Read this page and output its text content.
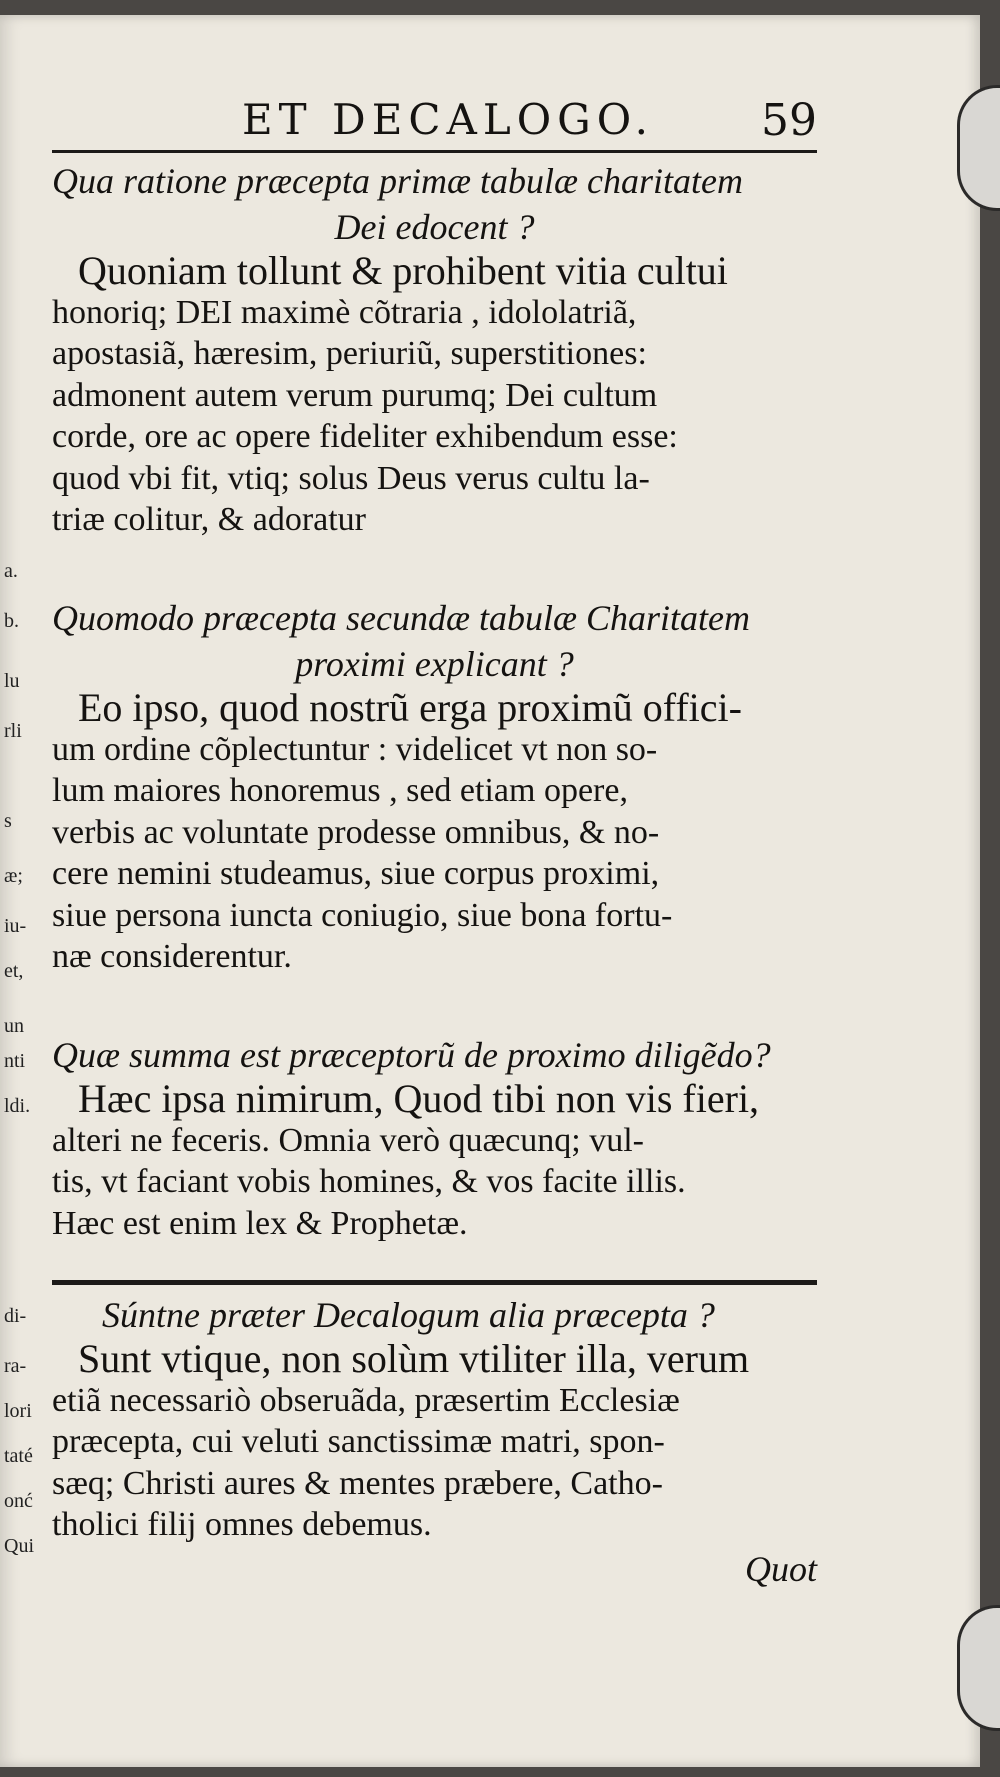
a.
b.
lu
rli
s
æ;
iu-
et,
un
nti
ldi.
di-
ra-
lori
taté
onć
Qui
ET DECALOGO. 59

Qua ratione præcepta primæ tabulæ charitatem
Dei edocent ?

Quoniam tollunt & prohibent vitia cultui
honoriq; DEI maximè cõtraria , idololatriã,
apostasiã, hæresim, periuriũ, superstitiones:
admonent autem verum purumq; Dei cultum
corde, ore ac opere fideliter exhibendum esse:
quod vbi fit, vtiq; solus Deus verus cultu la-
triæ colitur, & adoratur

Quomodo præcepta secundæ tabulæ Charitatem
proximi explicant ?

Eo ipso, quod nostrũ erga proximũ offici-
um ordine cõplectuntur : videlicet vt non so-
lum maiores honoremus , sed etiam opere,
verbis ac voluntate prodesse omnibus, & no-
cere nemini studeamus, siue corpus proximi,
siue persona iuncta coniugio, siue bona fortu-
næ considerentur.

Quæ summa est præceptorũ de proximo diligẽdo?

Hæc ipsa nimirum, Quod tibi non vis fieri,
alteri ne feceris. Omnia verò quæcunq; vul-
tis, vt faciant vobis homines, & vos facite illis.
Hæc est enim lex & Prophetæ.

Súntne præter Decalogum alia præcepta ?

Sunt vtique, non solùm vtiliter illa, verum
etiã necessariò obseruãda, præsertim Ecclesiæ
præcepta, cui veluti sanctissimæ matri, spon-
sæq; Christi aures & mentes præbere, Catho-
tholici filij omnes debemus.

Quot
